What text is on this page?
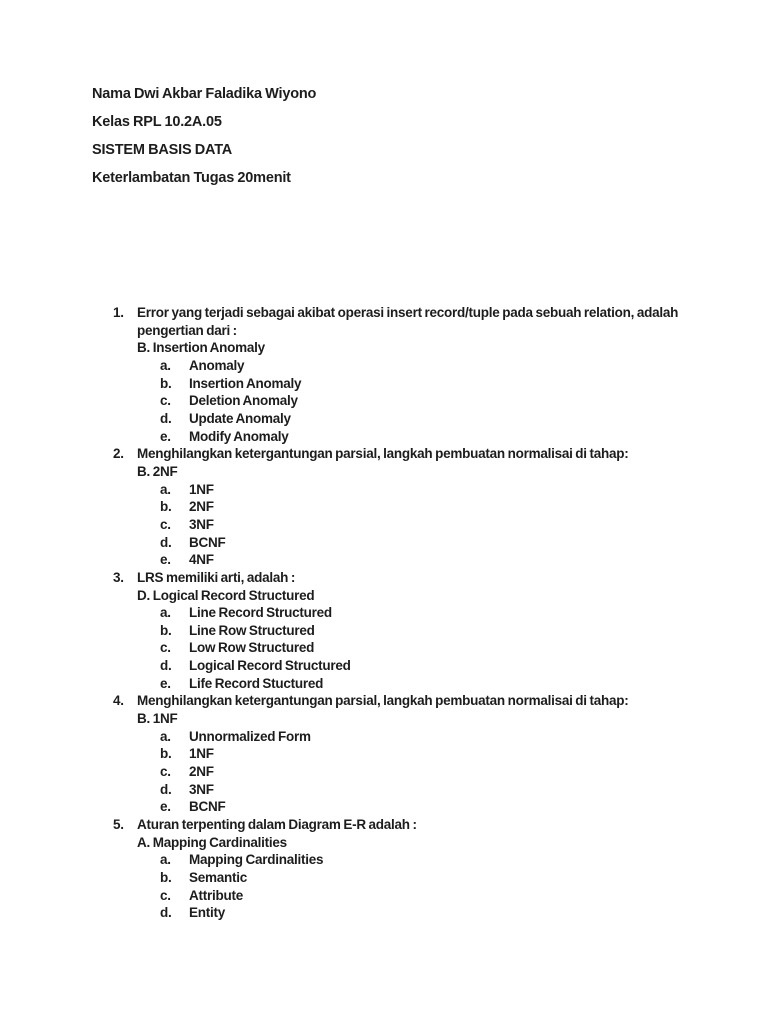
Nama Dwi Akbar Faladika Wiyono
Kelas RPL 10.2A.05
SISTEM BASIS DATA
Keterlambatan Tugas 20menit
1. Error yang terjadi sebagai akibat operasi insert record/tuple pada sebuah relation, adalah
pengertian dari :
B. Insertion Anomaly
a.	Anomaly
b.	Insertion Anomaly
c.	Deletion Anomaly
d.	Update Anomaly
e.	Modify Anomaly
2. Menghilangkan ketergantungan parsial, langkah pembuatan normalisai di tahap:
B. 2NF
a.	1NF
b.	2NF
c.	3NF
d.	BCNF
e.	4NF
3. LRS memiliki arti, adalah :
D. Logical Record Structured
a.	Line Record Structured
b.	Line Row Structured
c.	Low Row Structured
d.	Logical Record Structured
e.	Life Record Stuctured
4. Menghilangkan ketergantungan parsial, langkah pembuatan normalisai di tahap:
B. 1NF
a.	Unnormalized Form
b.	1NF
c.	2NF
d.	3NF
e.	BCNF
5. Aturan terpenting dalam Diagram E-R adalah :
A. Mapping Cardinalities
a.	Mapping Cardinalities
b.	Semantic
c.	Attribute
d.	Entity
